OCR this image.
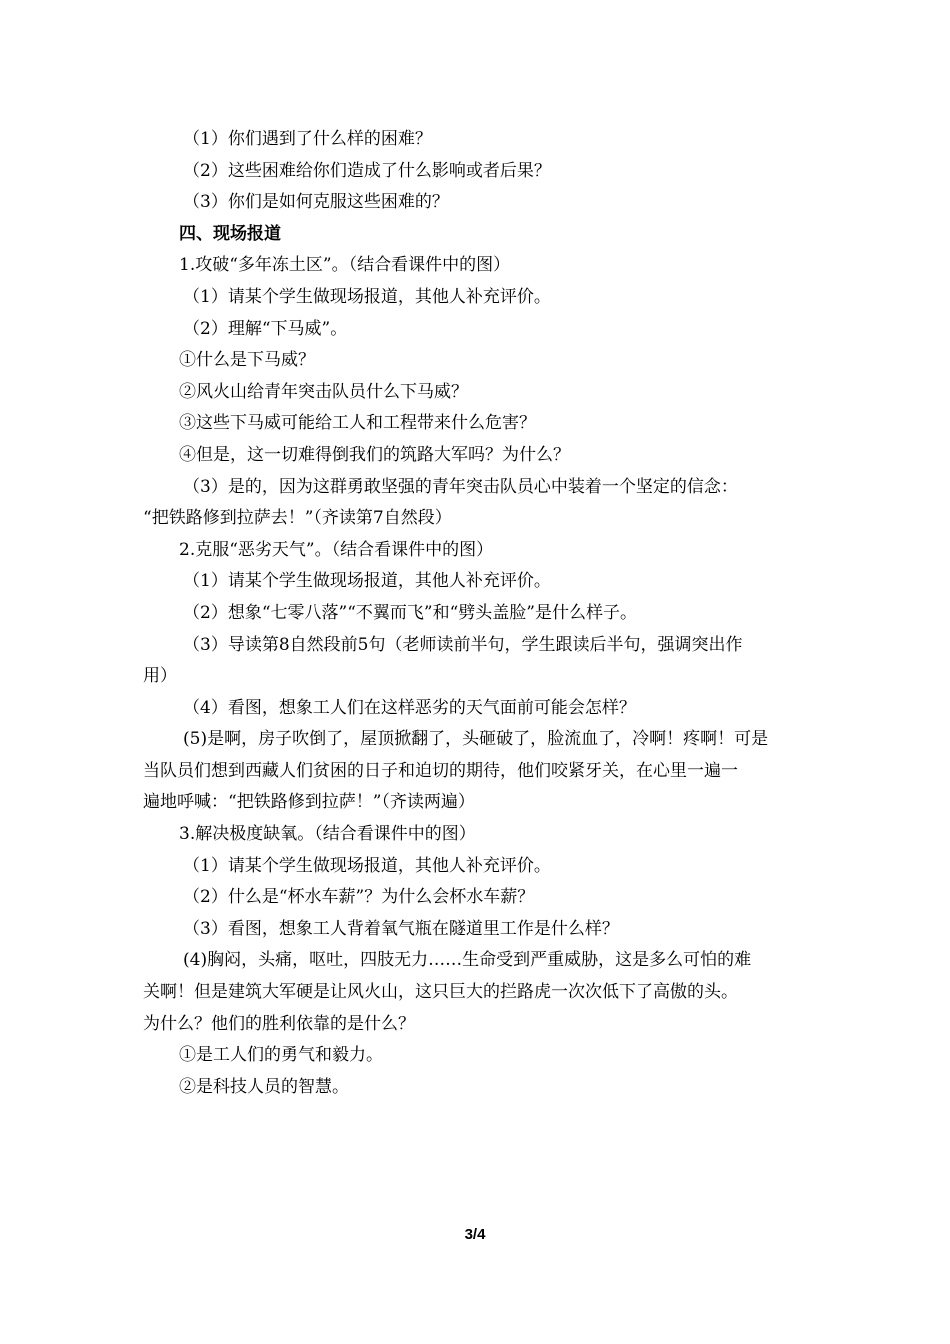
（1）你们遇到了什么样的困难？
（2）这些困难给你们造成了什么影响或者后果？
（3）你们是如何克服这些困难的？
四、现场报道
1.攻破“多年冻土区”。（结合看课件中的图）
（1）请某个学生做现场报道，其他人补充评价。
（2）理解“下马威”。
①什么是下马威？
②风火山给青年突击队员什么下马威？
③这些下马威可能给工人和工程带来什么危害？
④但是，这一切难得倒我们的筑路大军吗？为什么？
（3）是的，因为这群勇敢坚强的青年突击队员心中装着一个坚定的信念：
“把铁路修到拉萨去！”（齐读第7自然段）
2.克服“恶劣天气”。（结合看课件中的图）
（1）请某个学生做现场报道，其他人补充评价。
（2）想象“七零八落”“不翼而飞”和“劈头盖脸”是什么样子。
（3）导读第8自然段前5句（老师读前半句，学生跟读后半句，强调突出作
用）
（4）看图，想象工人们在这样恶劣的天气面前可能会怎样？
(5)是啊，房子吹倒了，屋顶掀翻了，头砸破了，脸流血了，冷啊！疼啊！可是
当队员们想到西藏人们贫困的日子和迫切的期待，他们咬紧牙关，在心里一遍一
遍地呼喊：“把铁路修到拉萨！”（齐读两遍）
3.解决极度缺氧。（结合看课件中的图）
（1）请某个学生做现场报道，其他人补充评价。
（2）什么是“杯水车薪”？为什么会杯水车薪？
（3）看图，想象工人背着氧气瓶在隧道里工作是什么样？
(4)胸闷，头痛，呕吐，四肢无力……生命受到严重威胁，这是多么可怕的难
关啊！但是建筑大军硬是让风火山，这只巨大的拦路虎一次次低下了高傲的头。
为什么？他们的胜利依靠的是什么？
①是工人们的勇气和毅力。
②是科技人员的智慧。
3/4
